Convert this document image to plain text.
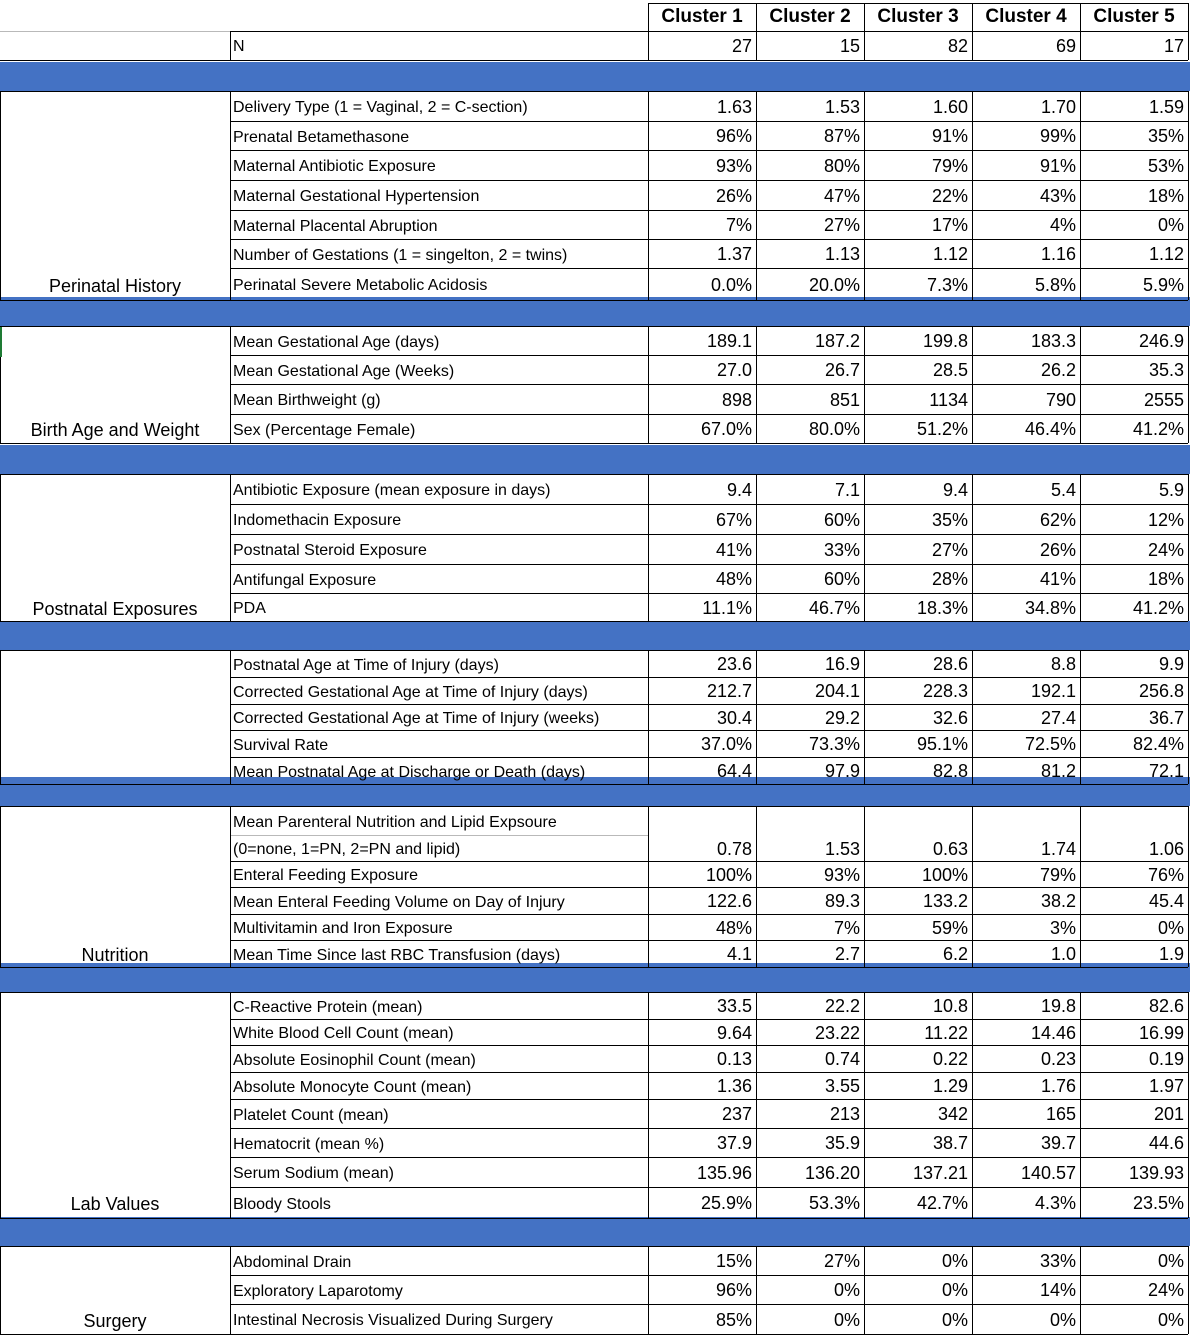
Cluster 1	Cluster 2	Cluster 3	Cluster 4	Cluster 5
N	27	15	82	69	17
Delivery Type (1 = Vaginal, 2 = C-section)	1.63	1.53	1.60	1.70	1.59
Prenatal Betamethasone	96%	87%	91%	99%	35%
Maternal Antibiotic Exposure	93%	80%	79%	91%	53%
Maternal Gestational Hypertension	26%	47%	22%	43%	18%
Maternal Placental Abruption	7%	27%	17%	4%	0%
Number of Gestations (1 = singelton, 2 = twins)	1.37	1.13	1.12	1.16	1.12
Perinatal Severe Metabolic Acidosis	0.0%	20.0%	7.3%	5.8%	5.9%
Perinatal History
Mean Gestational Age (days)	189.1	187.2	199.8	183.3	246.9
Mean Gestational Age (Weeks)	27.0	26.7	28.5	26.2	35.3
Mean Birthweight (g)	898	851	1134	790	2555
Sex (Percentage Female)	67.0%	80.0%	51.2%	46.4%	41.2%
Birth Age and Weight
Antibiotic Exposure (mean exposure in days)	9.4	7.1	9.4	5.4	5.9
Indomethacin Exposure	67%	60%	35%	62%	12%
Postnatal Steroid Exposure	41%	33%	27%	26%	24%
Antifungal Exposure	48%	60%	28%	41%	18%
PDA	11.1%	46.7%	18.3%	34.8%	41.2%
Postnatal Exposures
Postnatal Age at Time of Injury (days)	23.6	16.9	28.6	8.8	9.9
Corrected Gestational Age at Time of Injury (days)	212.7	204.1	228.3	192.1	256.8
Corrected Gestational Age at Time of Injury (weeks)	30.4	29.2	32.6	27.4	36.7
Survival Rate	37.0%	73.3%	95.1%	72.5%	82.4%
Mean Postnatal Age at Discharge or Death (days)	64.4	97.9	82.8	81.2	72.1
Mean Parenteral Nutrition and Lipid Expsoure
(0=none, 1=PN, 2=PN and lipid)	0.78	1.53	0.63	1.74	1.06
Enteral Feeding Exposure	100%	93%	100%	79%	76%
Mean Enteral Feeding Volume on Day of Injury	122.6	89.3	133.2	38.2	45.4
Multivitamin and Iron Exposure	48%	7%	59%	3%	0%
Mean Time Since last RBC Transfusion (days)	4.1	2.7	6.2	1.0	1.9
Nutrition
C-Reactive Protein (mean)	33.5	22.2	10.8	19.8	82.6
White Blood Cell Count (mean)	9.64	23.22	11.22	14.46	16.99
Absolute Eosinophil Count (mean)	0.13	0.74	0.22	0.23	0.19
Absolute Monocyte Count (mean)	1.36	3.55	1.29	1.76	1.97
Platelet Count (mean)	237	213	342	165	201
Hematocrit (mean %)	37.9	35.9	38.7	39.7	44.6
Serum Sodium (mean)	135.96	136.20	137.21	140.57	139.93
Bloody Stools	25.9%	53.3%	42.7%	4.3%	23.5%
Lab Values
Abdominal Drain	15%	27%	0%	33%	0%
Exploratory Laparotomy	96%	0%	0%	14%	24%
Intestinal Necrosis Visualized During Surgery	85%	0%	0%	0%	0%
Surgery
